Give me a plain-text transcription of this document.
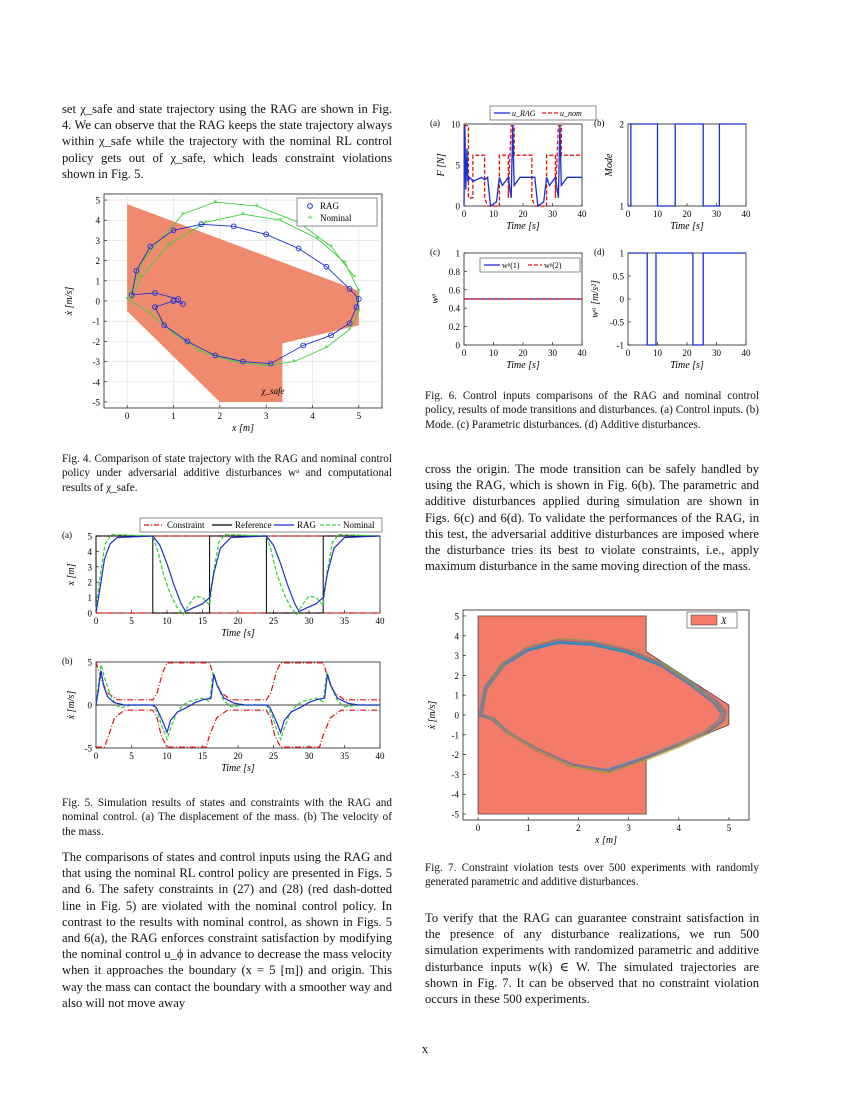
set χ_safe and state trajectory using the RAG are shown in Fig. 4. We can observe that the RAG keeps the state trajectory always within χ_safe while the trajectory with the nominal RL control policy gets out of χ_safe, which leads constraint violations shown in Fig. 5.
0	1	2	3	4	5
5
4
3
2
1
0
-1
-2
-3
-4
-5
x [m]
ẋ [m/s]
χ_safe
*
*
*
*
*
*
*
*
*
*
*
*
*
*
*
*
*
*
*
*
*
*	*
*
*
RAG
* Nominal
Fig. 4. Comparison of state trajectory with the RAG and nominal control policy under adversarial additive disturbances wᵃ and computational results of χ_safe.
0	5	10	15	20	25	30	35	40
0
1
2
3
4
5
Time [s]
x [m]
(a)
Constraint	Reference	RAG	Nominal
0	5	10	15	20	25	30	35	40
-5
0
5
Time [s]
ẋ [m/s]
(b)
Fig. 5. Simulation results of states and constraints with the RAG and nominal control. (a) The displacement of the mass. (b) The velocity of the mass.
The comparisons of states and control inputs using the RAG and that using the nominal RL control policy are presented in Figs. 5 and 6. The safety constraints in (27) and (28) (red dash-dotted line in Fig. 5) are violated with the nominal control policy. In contrast to the results with nominal control, as shown in Figs. 5 and 6(a), the RAG enforces constraint satisfaction by modifying the nominal control u_ϕ in advance to decrease the mass velocity when it approaches the boundary (x = 5 [m]) and origin. This way the mass can contact the boundary with a smoother way and also will not move away
0	10 20 30 40
0
5
10
Time [s]
F [N]
(a)
u_RAG	u_nom
0	10 20 30 40
1
2
Time [s]
Mode
(b)
0	10 20 30 40
0
0.2
0.4
0.6
0.8
1
Time [s]
wᵖ
(c)
wᵖ(1)	wᵖ(2)
0	10 20 30 40
-1
-0.5
0
0.5
1
Time [s]
wᵃ [m/s²]
(d)
Fig. 6. Control inputs comparisons of the RAG and nominal control policy, results of mode transitions and disturbances. (a) Control inputs. (b) Mode. (c) Parametric disturbances. (d) Additive disturbances.
cross the origin. The mode transition can be safely handled by using the RAG, which is shown in Fig. 6(b). The parametric and additive disturbances applied during simulation are shown in Figs. 6(c) and 6(d). To validate the performances of the RAG, in this test, the adversarial additive disturbances are imposed where the disturbance tries its best to violate constraints, i.e., apply maximum disturbance in the same moving direction of the mass.
0	1	2	3	4	5
5
4
3
2
1
0
-1
-2
-3
-4
-5
x [m]
ẋ [m/s]
X
Fig. 7. Constraint violation tests over 500 experiments with randomly generated parametric and additive disturbances.
To verify that the RAG can guarantee constraint satisfaction in the presence of any disturbance realizations, we run 500 simulation experiments with randomized parametric and additive disturbance inputs w(k) ∈ W. The simulated trajectories are shown in Fig. 7. It can be observed that no constraint violation occurs in these 500 experiments.
x
